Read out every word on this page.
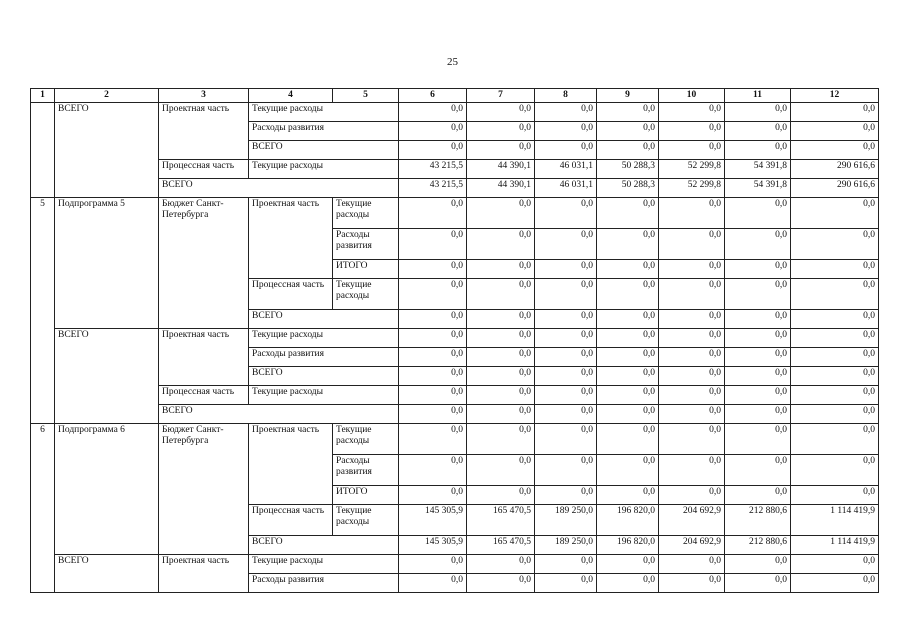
25
1	2	3	4	5	6	7	8	9	10	11	12
	ВСЕГО	Проектная часть	Текущие расходы		0,0	0,0	0,0	0,0	0,0	0,0	0,0
			Расходы развития		0,0	0,0	0,0	0,0	0,0	0,0	0,0
			ВСЕГО		0,0	0,0	0,0	0,0	0,0	0,0	0,0
		Процессная часть	Текущие расходы		43 215,5	44 390,1	46 031,1	50 288,3	52 299,8	54 391,8	290 616,6
		ВСЕГО			43 215,5	44 390,1	46 031,1	50 288,3	52 299,8	54 391,8	290 616,6
5	Подпрограмма 5	Бюджет Санкт-Петербурга	Проектная часть	Текущие расходы	0,0	0,0	0,0	0,0	0,0	0,0	0,0
				Расходы развития	0,0	0,0	0,0	0,0	0,0	0,0	0,0
				ИТОГО	0,0	0,0	0,0	0,0	0,0	0,0	0,0
			Процессная часть	Текущие расходы	0,0	0,0	0,0	0,0	0,0	0,0	0,0
			ВСЕГО		0,0	0,0	0,0	0,0	0,0	0,0	0,0
	ВСЕГО	Проектная часть	Текущие расходы		0,0	0,0	0,0	0,0	0,0	0,0	0,0
			Расходы развития		0,0	0,0	0,0	0,0	0,0	0,0	0,0
			ВСЕГО		0,0	0,0	0,0	0,0	0,0	0,0	0,0
		Процессная часть	Текущие расходы		0,0	0,0	0,0	0,0	0,0	0,0	0,0
		ВСЕГО			0,0	0,0	0,0	0,0	0,0	0,0	0,0
6	Подпрограмма 6	Бюджет Санкт-Петербурга	Проектная часть	Текущие расходы	0,0	0,0	0,0	0,0	0,0	0,0	0,0
				Расходы развития	0,0	0,0	0,0	0,0	0,0	0,0	0,0
				ИТОГО	0,0	0,0	0,0	0,0	0,0	0,0	0,0
			Процессная часть	Текущие расходы	145 305,9	165 470,5	189 250,0	196 820,0	204 692,9	212 880,6	1 114 419,9
			ВСЕГО		145 305,9	165 470,5	189 250,0	196 820,0	204 692,9	212 880,6	1 114 419,9
	ВСЕГО	Проектная часть	Текущие расходы		0,0	0,0	0,0	0,0	0,0	0,0	0,0
			Расходы развития		0,0	0,0	0,0	0,0	0,0	0,0	0,0
